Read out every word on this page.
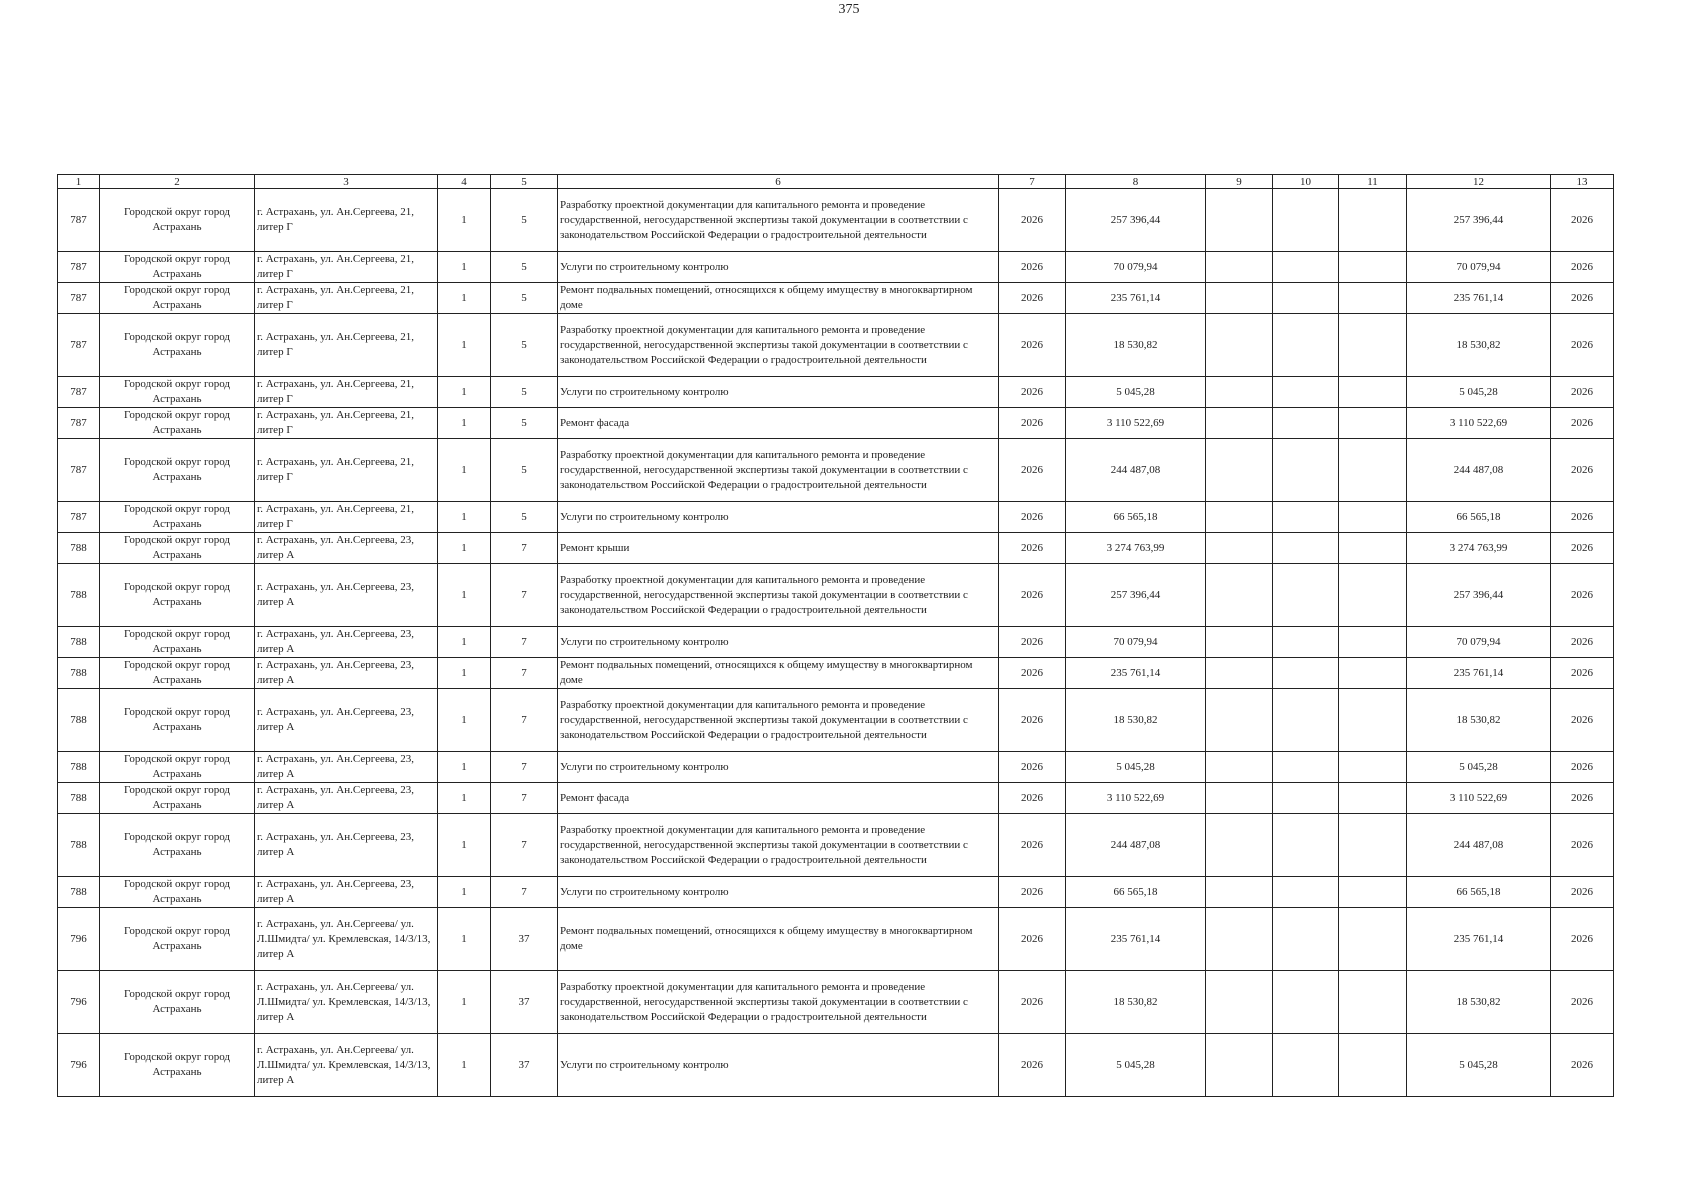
375
1	2	3	4	5	6	7	8	9	10	11	12	13
787	Городской округ город Астрахань	г. Астрахань, ул. Ан.Сергеева, 21, литер Г	1	5	Разработку проектной документации для капитального ремонта и проведение государственной, негосударственной экспертизы такой документации в соответствии с законодательством Российской Федерации о градостроительной деятельности	2026	257 396,44				257 396,44	2026
787	Городской округ город Астрахань	г. Астрахань, ул. Ан.Сергеева, 21, литер Г	1	5	Услуги по строительному контролю	2026	70 079,94				70 079,94	2026
787	Городской округ город Астрахань	г. Астрахань, ул. Ан.Сергеева, 21, литер Г	1	5	Ремонт подвальных помещений, относящихся к общему имуществу в многоквартирном доме	2026	235 761,14				235 761,14	2026
787	Городской округ город Астрахань	г. Астрахань, ул. Ан.Сергеева, 21, литер Г	1	5	Разработку проектной документации для капитального ремонта и проведение государственной, негосударственной экспертизы такой документации в соответствии с законодательством Российской Федерации о градостроительной деятельности	2026	18 530,82				18 530,82	2026
787	Городской округ город Астрахань	г. Астрахань, ул. Ан.Сергеева, 21, литер Г	1	5	Услуги по строительному контролю	2026	5 045,28				5 045,28	2026
787	Городской округ город Астрахань	г. Астрахань, ул. Ан.Сергеева, 21, литер Г	1	5	Ремонт фасада	2026	3 110 522,69				3 110 522,69	2026
787	Городской округ город Астрахань	г. Астрахань, ул. Ан.Сергеева, 21, литер Г	1	5	Разработку проектной документации для капитального ремонта и проведение государственной, негосударственной экспертизы такой документации в соответствии с законодательством Российской Федерации о градостроительной деятельности	2026	244 487,08				244 487,08	2026
787	Городской округ город Астрахань	г. Астрахань, ул. Ан.Сергеева, 21, литер Г	1	5	Услуги по строительному контролю	2026	66 565,18				66 565,18	2026
788	Городской округ город Астрахань	г. Астрахань, ул. Ан.Сергеева, 23, литер А	1	7	Ремонт крыши	2026	3 274 763,99				3 274 763,99	2026
788	Городской округ город Астрахань	г. Астрахань, ул. Ан.Сергеева, 23, литер А	1	7	Разработку проектной документации для капитального ремонта и проведение государственной, негосударственной экспертизы такой документации в соответствии с законодательством Российской Федерации о градостроительной деятельности	2026	257 396,44				257 396,44	2026
788	Городской округ город Астрахань	г. Астрахань, ул. Ан.Сергеева, 23, литер А	1	7	Услуги по строительному контролю	2026	70 079,94				70 079,94	2026
788	Городской округ город Астрахань	г. Астрахань, ул. Ан.Сергеева, 23, литер А	1	7	Ремонт подвальных помещений, относящихся к общему имуществу в многоквартирном доме	2026	235 761,14				235 761,14	2026
788	Городской округ город Астрахань	г. Астрахань, ул. Ан.Сергеева, 23, литер А	1	7	Разработку проектной документации для капитального ремонта и проведение государственной, негосударственной экспертизы такой документации в соответствии с законодательством Российской Федерации о градостроительной деятельности	2026	18 530,82				18 530,82	2026
788	Городской округ город Астрахань	г. Астрахань, ул. Ан.Сергеева, 23, литер А	1	7	Услуги по строительному контролю	2026	5 045,28				5 045,28	2026
788	Городской округ город Астрахань	г. Астрахань, ул. Ан.Сергеева, 23, литер А	1	7	Ремонт фасада	2026	3 110 522,69				3 110 522,69	2026
788	Городской округ город Астрахань	г. Астрахань, ул. Ан.Сергеева, 23, литер А	1	7	Разработку проектной документации для капитального ремонта и проведение государственной, негосударственной экспертизы такой документации в соответствии с законодательством Российской Федерации о градостроительной деятельности	2026	244 487,08				244 487,08	2026
788	Городской округ город Астрахань	г. Астрахань, ул. Ан.Сергеева, 23, литер А	1	7	Услуги по строительному контролю	2026	66 565,18				66 565,18	2026
796	Городской округ город Астрахань	г. Астрахань, ул. Ан.Сергеева/ ул. Л.Шмидта/ ул. Кремлевская, 14/3/13, литер А	1	37	Ремонт подвальных помещений, относящихся к общему имуществу в многоквартирном доме	2026	235 761,14				235 761,14	2026
796	Городской округ город Астрахань	г. Астрахань, ул. Ан.Сергеева/ ул. Л.Шмидта/ ул. Кремлевская, 14/3/13, литер А	1	37	Разработку проектной документации для капитального ремонта и проведение государственной, негосударственной экспертизы такой документации в соответствии с законодательством Российской Федерации о градостроительной деятельности	2026	18 530,82				18 530,82	2026
796	Городской округ город Астрахань	г. Астрахань, ул. Ан.Сергеева/ ул. Л.Шмидта/ ул. Кремлевская, 14/3/13, литер А	1	37	Услуги по строительному контролю	2026	5 045,28				5 045,28	2026
